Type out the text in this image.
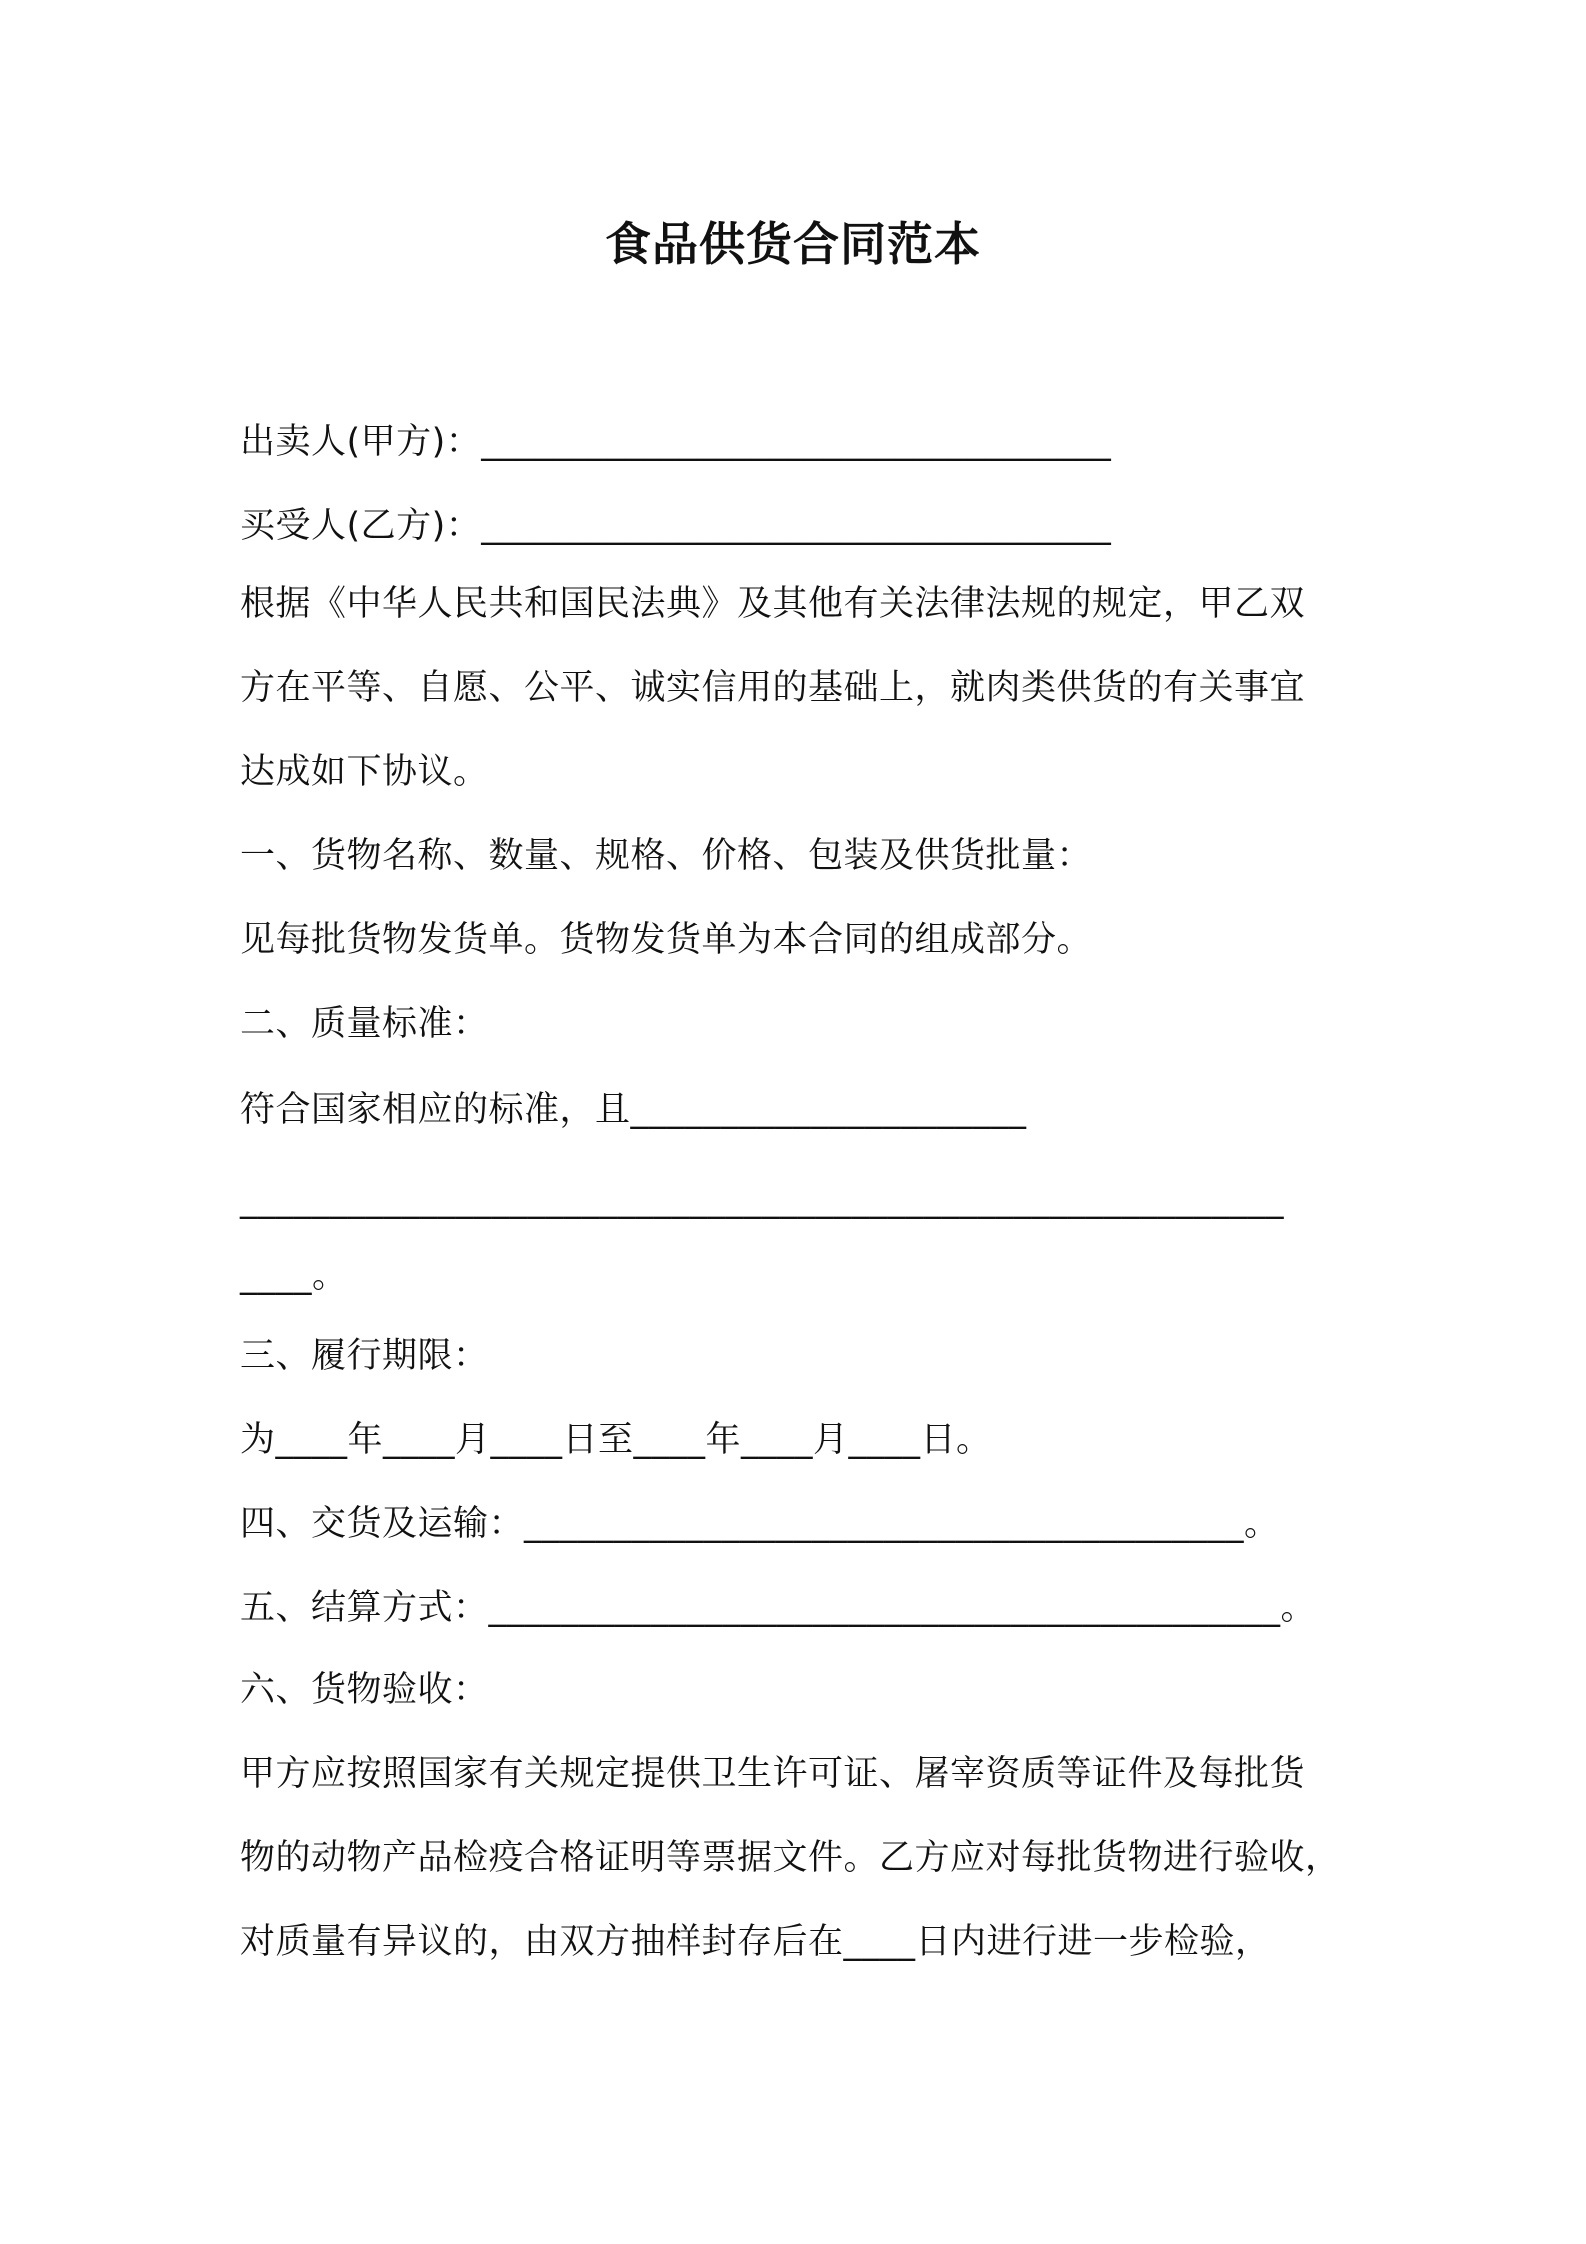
食品供货合同范本
出卖人(甲方)：___________________________________
买受人(乙方)：___________________________________
根据《中华人民共和国民法典》及其他有关法律法规的规定，甲乙双
方在平等、自愿、公平、诚实信用的基础上，就肉类供货的有关事宜
达成如下协议。
一、货物名称、数量、规格、价格、包装及供货批量：
见每批货物发货单。货物发货单为本合同的组成部分。
二、质量标准：
符合国家相应的标准，且______________________
__________________________________________________________
____。
三、履行期限：
为____年____月____日至____年____月____日。
四、交货及运输：________________________________________。
五、结算方式：____________________________________________。
六、货物验收：
甲方应按照国家有关规定提供卫生许可证、屠宰资质等证件及每批货
物的动物产品检疫合格证明等票据文件。乙方应对每批货物进行验收，
对质量有异议的，由双方抽样封存后在____日内进行进一步检验，
